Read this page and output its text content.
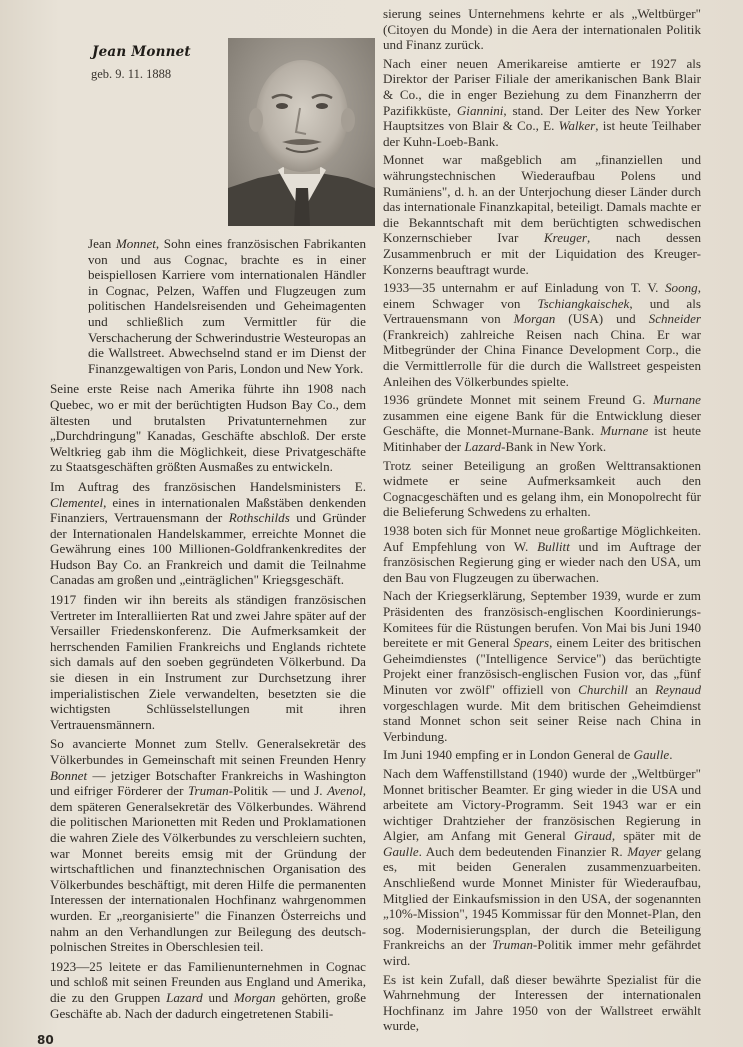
Jean Monnet
geb. 9. 11. 1888

Jean Monnet, Sohn eines französischen Fabrikanten von und aus Cognac, brachte es in einer beispiellosen Karriere vom internationalen Händler in Cognac, Pelzen, Waffen und Flugzeugen zum politischen Handelsreisenden und Geheimagenten und schließlich zum Vermittler für die Verschacherung der Schwerindustrie Westeuropas an die Wallstreet. Abwechselnd stand er im Dienst der Finanzgewaltigen von Paris, London und New York.

Seine erste Reise nach Amerika führte ihn 1908 nach Quebec, wo er mit der berüchtigten Hudson Bay Co., dem ältesten und brutalsten Privatunternehmen zur „Durchdringung" Kanadas, Geschäfte abschloß. Der erste Weltkrieg gab ihm die Möglichkeit, diese Privatgeschäfte zu Staatsgeschäften größten Ausmaßes zu entwickeln.

Im Auftrag des französischen Handelsministers E. Clementel, eines in internationalen Maßstäben denkenden Finanziers, Vertrauensmann der Rothschilds und Gründer der Internationalen Handelskammer, erreichte Monnet die Gewährung eines 100 Millionen-Goldfrankenkredites der Hudson Bay Co. an Frankreich und damit die Teilnahme Canadas am großen und „einträglichen" Kriegsgeschäft.

1917 finden wir ihn bereits als ständigen französischen Vertreter im Interalliierten Rat und zwei Jahre später auf der Versailler Friedenskonferenz. Die Aufmerksamkeit der herrschenden Familien Frankreichs und Englands richtete sich damals auf den soeben gegründeten Völkerbund. Da sie diesen in ein Instrument zur Durchsetzung ihrer imperialistischen Ziele verwandelten, besetzten sie die wichtigsten Schlüsselstellungen mit ihren Vertrauensmännern.

So avancierte Monnet zum Stellv. Generalsekretär des Völkerbundes in Gemeinschaft mit seinen Freunden Henry Bonnet — jetziger Botschafter Frankreichs in Washington und eifriger Förderer der Truman-Politik — und J. Avenol, dem späteren Generalsekretär des Völkerbundes. Während die politischen Marionetten mit Reden und Proklamationen die wahren Ziele des Völkerbundes zu verschleiern suchten, war Monnet bereits emsig mit der Gründung der wirtschaftlichen und finanztechnischen Organisation des Völkerbundes beschäftigt, mit deren Hilfe die permanenten Interessen der internationalen Hochfinanz wahrgenommen wurden. Er „reorganisierte" die Finanzen Österreichs und nahm an den Verhandlungen zur Beilegung des deutsch-polnischen Streites in Oberschlesien teil.

1923—25 leitete er das Familienunternehmen in Cognac und schloß mit seinen Freunden aus England und Amerika, die zu den Gruppen Lazard und Morgan gehörten, große Geschäfte ab. Nach der dadurch eingetretenen Stabili-

sierung seines Unternehmens kehrte er als „Weltbürger" (Citoyen du Monde) in die Aera der internationalen Politik und Finanz zurück.

Nach einer neuen Amerikareise amtierte er 1927 als Direktor der Pariser Filiale der amerikanischen Bank Blair & Co., die in enger Beziehung zu dem Finanzherrn der Pazifikküste, Giannini, stand. Der Leiter des New Yorker Hauptsitzes von Blair & Co., E. Walker, ist heute Teilhaber der Kuhn-Loeb-Bank.

Monnet war maßgeblich am „finanziellen und währungstechnischen Wiederaufbau Polens und Rumäniens", d. h. an der Unterjochung dieser Länder durch das internationale Finanzkapital, beteiligt. Damals machte er die Bekanntschaft mit dem berüchtigten schwedischen Konzernschieber Ivar Kreuger, nach dessen Zusammenbruch er mit der Liquidation des Kreuger-Konzerns beauftragt wurde.

1933—35 unternahm er auf Einladung von T. V. Soong, einem Schwager von Tschiangkaischek, und als Vertrauensmann von Morgan (USA) und Schneider (Frankreich) zahlreiche Reisen nach China. Er war Mitbegründer der China Finance Development Corp., die die Vermittlerrolle für die durch die Wallstreet gespeisten Anleihen des Völkerbundes spielte.

1936 gründete Monnet mit seinem Freund G. Murnane zusammen eine eigene Bank für die Entwicklung dieser Geschäfte, die Monnet-Murnane-Bank. Murnane ist heute Mitinhaber der Lazard-Bank in New York.

Trotz seiner Beteiligung an großen Welttransaktionen widmete er seine Aufmerksamkeit auch den Cognacgeschäften und es gelang ihm, ein Monopolrecht für die Belieferung Schwedens zu erhalten.

1938 boten sich für Monnet neue großartige Möglichkeiten. Auf Empfehlung von W. Bullitt und im Auftrage der französischen Regierung ging er wieder nach den USA, um den Bau von Flugzeugen zu überwachen.

Nach der Kriegserklärung, September 1939, wurde er zum Präsidenten des französisch-englischen Koordinierungs-Komitees für die Rüstungen berufen. Von Mai bis Juni 1940 bereitete er mit General Spears, einem Leiter des britischen Geheimdienstes ("Intelligence Service") das berüchtigte Projekt einer französisch-englischen Fusion vor, das „fünf Minuten vor zwölf" offiziell von Churchill an Reynaud vorgeschlagen wurde. Mit dem britischen Geheimdienst stand Monnet schon seit seiner Reise nach China in Verbindung.

Im Juni 1940 empfing er in London General de Gaulle.

Nach dem Waffenstillstand (1940) wurde der „Weltbürger" Monnet britischer Beamter. Er ging wieder in die USA und arbeitete am Victory-Programm. Seit 1943 war er ein wichtiger Drahtzieher der französischen Regierung in Algier, am Anfang mit General Giraud, später mit de Gaulle. Auch dem bedeutenden Finanzier R. Mayer gelang es, mit beiden Generalen zusammenzuarbeiten. Anschließend wurde Monnet Minister für Wiederaufbau, Mitglied der Einkaufsmission in den USA, der sogenannten „10%-Mission", 1945 Kommissar für den Monnet-Plan, den sog. Modernisierungsplan, der durch die Beteiligung Frankreichs an der Truman-Politik immer mehr gefährdet wird.

Es ist kein Zufall, daß dieser bewährte Spezialist für die Wahrnehmung der Interessen der internationalen Hochfinanz im Jahre 1950 von der Wallstreet erwählt wurde,

80
